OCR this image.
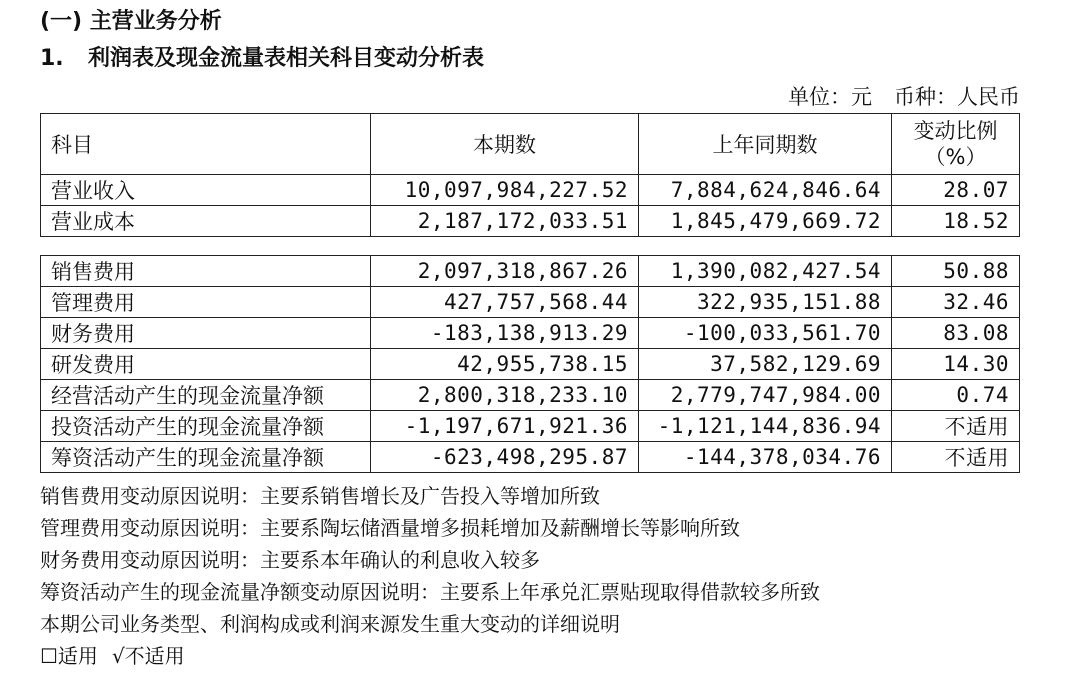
(一) 主营业务分析
1. 利润表及现金流量表相关科目变动分析表
单位：元 币种：人民币
科目	本期数	上年同期数	变动比例
（%）

营业收入	10,097,984,227.52	7,884,624,846.64	28.07
营业成本	2,187,172,033.51	1,845,479,669.72	18.52
销售费用	2,097,318,867.26	1,390,082,427.54	50.88
管理费用	427,757,568.44	322,935,151.88	32.46
财务费用	-183,138,913.29	-100,033,561.70	83.08
研发费用	42,955,738.15	37,582,129.69	14.30
经营活动产生的现金流量净额	2,800,318,233.10	2,779,747,984.00	0.74
投资活动产生的现金流量净额	-1,197,671,921.36	-1,121,144,836.94	不适用
筹资活动产生的现金流量净额	-623,498,295.87	-144,378,034.76	不适用
销售费用变动原因说明：主要系销售增长及广告投入等增加所致
管理费用变动原因说明：主要系陶坛储酒量增多损耗增加及薪酬增长等影响所致
财务费用变动原因说明：主要系本年确认的利息收入较多
筹资活动产生的现金流量净额变动原因说明：主要系上年承兑汇票贴现取得借款较多所致
本期公司业务类型、利润构成或利润来源发生重大变动的详细说明
☐适用 √不适用
